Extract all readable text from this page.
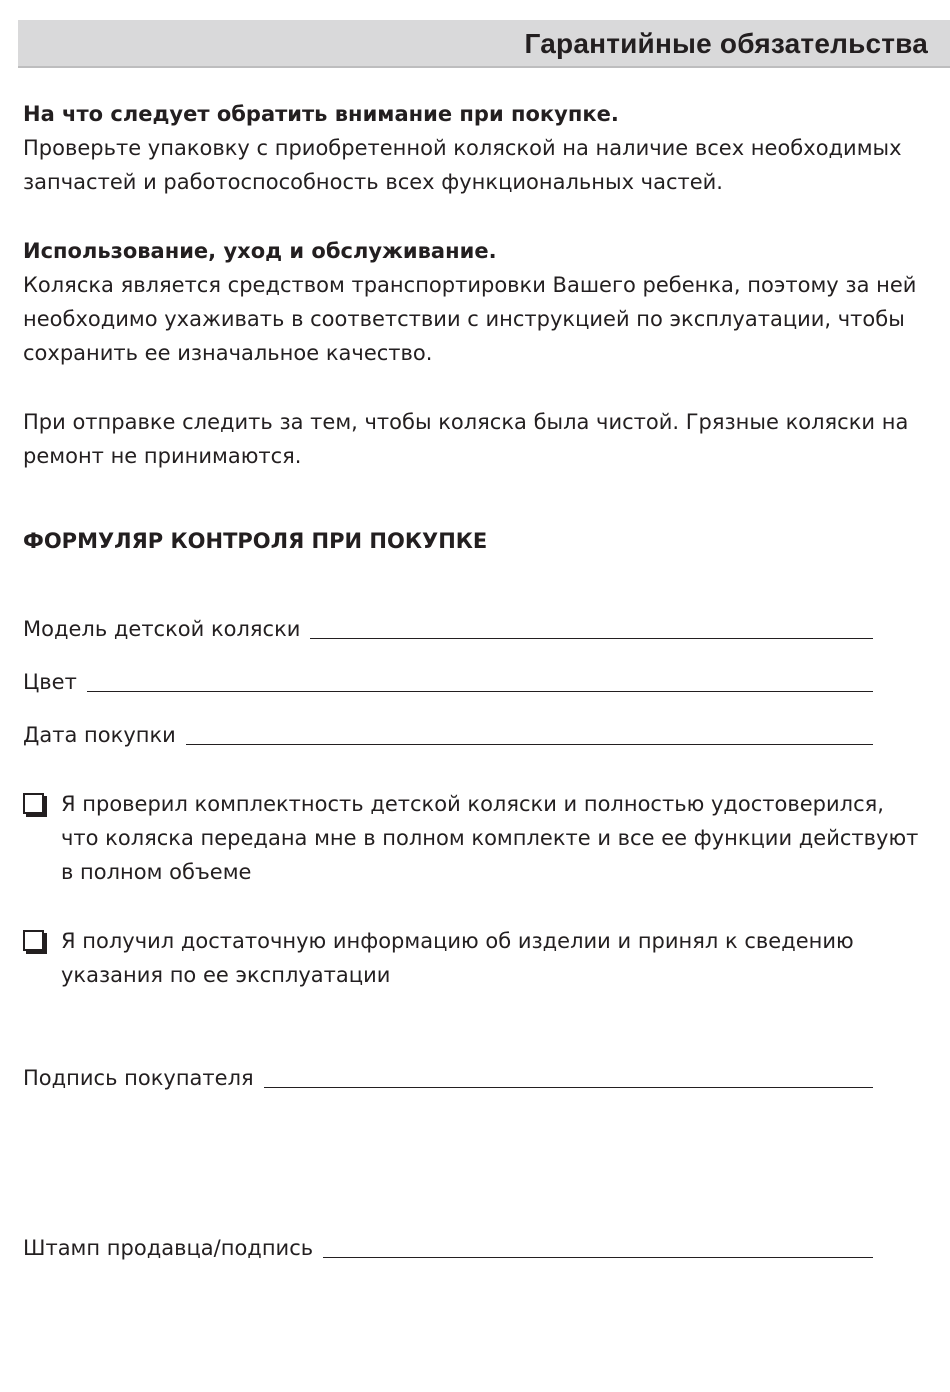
Гарантийные обязательства

На что следует обратить внимание при покупке.

Проверьте упаковку с приобретенной коляской на наличие всех необходимых
запчастей и работоспособность всех функциональных частей.

Использование, уход и обслуживание.

Коляска является средством транспортировки Вашего ребенка, поэтому за ней
необходимо ухаживать в соответствии с инструкцией по эксплуатации, чтобы
сохранить ее изначальное качество.

При отправке следить за тем, чтобы коляска была чистой. Грязные коляски на
ремонт не принимаются.

ФОРМУЛЯР КОНТРОЛЯ ПРИ ПОКУПКЕ

Модель детской коляски
Цвет
Дата покупки
Я проверил комплектность детской коляски и полностью удостоверился,
что коляска передана мне в полном комплекте и все ее функции действуют
в полном объеме
Я получил достаточную информацию об изделии и принял к сведению
указания по ее эксплуатации
Подпись покупателя
Штамп продавца/подпись
